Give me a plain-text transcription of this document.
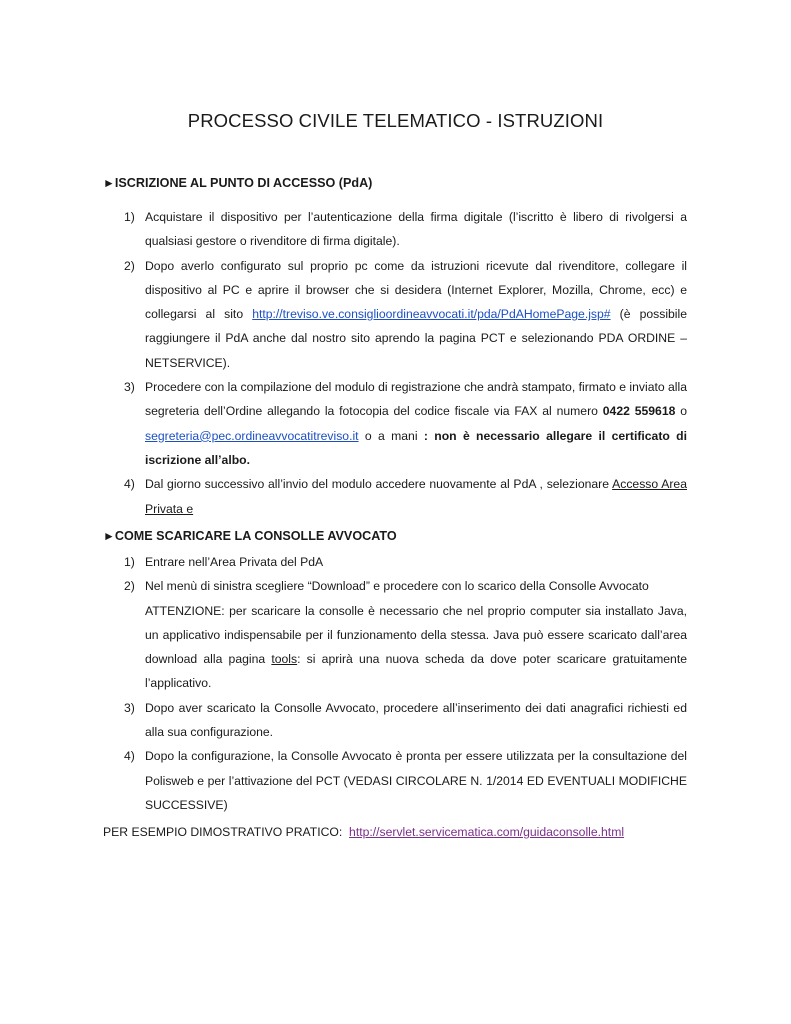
PROCESSO CIVILE TELEMATICO - ISTRUZIONI
►ISCRIZIONE AL PUNTO DI ACCESSO (PdA)
1) Acquistare il dispositivo per l’autenticazione della firma digitale (l’iscritto è libero di rivolgersi a qualsiasi gestore o rivenditore di firma digitale).
2) Dopo averlo configurato sul proprio pc come da istruzioni ricevute dal rivenditore, collegare il dispositivo al PC e aprire il browser che si desidera (Internet Explorer, Mozilla, Chrome, ecc) e collegarsi al sito http://treviso.ve.consiglioordineavvocati.it/pda/PdAHomePage.jsp# (è possibile raggiungere il PdA anche dal nostro sito aprendo la pagina PCT e selezionando PDA ORDINE – NETSERVICE).
3) Procedere con la compilazione del modulo di registrazione che andrà stampato, firmato e inviato alla segreteria dell’Ordine allegando la fotocopia del codice fiscale via FAX al numero 0422 559618 o segreteria@pec.ordineavvocatitreviso.it o a mani : non è necessario allegare il certificato di iscrizione all’albo.
4) Dal giorno successivo all’invio del modulo accedere nuovamente al PdA , selezionare Accesso Area Privata e
►COME SCARICARE LA CONSOLLE AVVOCATO
1) Entrare nell’Area Privata del PdA
2) Nel menù di sinistra scegliere “Download” e procedere con lo scarico della Consolle Avvocato
ATTENZIONE: per scaricare la consolle è necessario che nel proprio computer sia installato Java, un applicativo indispensabile per il funzionamento della stessa. Java può essere scaricato dall’area download alla pagina tools: si aprirà una nuova scheda da dove poter scaricare gratuitamente l’applicativo.
3) Dopo aver scaricato la Consolle Avvocato, procedere all’inserimento dei dati anagrafici richiesti ed alla sua configurazione.
4) Dopo la configurazione, la Consolle Avvocato è pronta per essere utilizzata per la consultazione del Polisweb e per l’attivazione del PCT (VEDASI CIRCOLARE N. 1/2014 ED EVENTUALI MODIFICHE SUCCESSIVE)
PER ESEMPIO DIMOSTRATIVO PRATICO: http://servlet.servicematica.com/guidaconsolle.html
